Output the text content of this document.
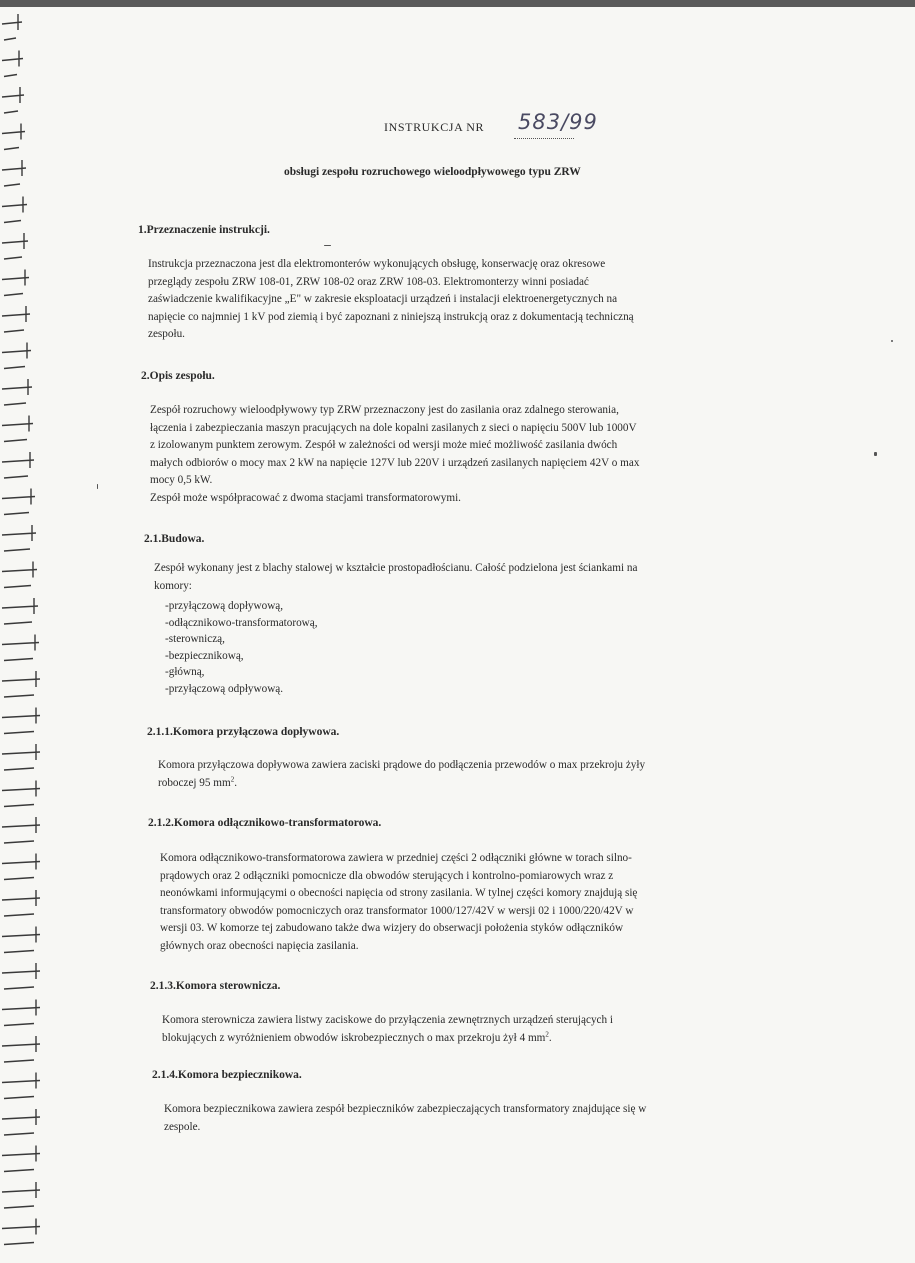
INSTRUKCJA NR 583/99
obsługi zespołu rozruchowego wieloodpływowego typu ZRW
1.Przeznaczenie instrukcji.
Instrukcja przeznaczona jest dla elektromonterów wykonujących obsługę, konserwację oraz okresowe
przeglądy zespołu ZRW 108-01, ZRW 108-02 oraz ZRW 108-03. Elektromonterzy winni posiadać
zaświadczenie kwalifikacyjne „E" w zakresie eksploatacji urządzeń i instalacji elektroenergetycznych na
napięcie co najmniej 1 kV pod ziemią i być zapoznani z niniejszą instrukcją oraz z dokumentacją techniczną
zespołu.
2.Opis zespołu.
Zespół rozruchowy wieloodpływowy typ ZRW przeznaczony jest do zasilania oraz zdalnego sterowania,
łączenia i zabezpieczania maszyn pracujących na dole kopalni zasilanych z sieci o napięciu 500V lub 1000V
z izolowanym punktem zerowym. Zespół w zależności od wersji może mieć możliwość zasilania dwóch
małych odbiorów o mocy max 2 kW na napięcie 127V lub 220V i urządzeń zasilanych napięciem 42V o max
mocy 0,5 kW.
Zespół może współpracować z dwoma stacjami transformatorowymi.
2.1.Budowa.
Zespół wykonany jest z blachy stalowej w kształcie prostopadłościanu. Całość podzielona jest ściankami na
komory:
-przyłączową dopływową,
-odłącznikowo-transformatorową,
-sterowniczą,
-bezpiecznikową,
-główną,
-przyłączową odpływową.
2.1.1.Komora przyłączowa dopływowa.
Komora przyłączowa dopływowa zawiera zaciski prądowe do podłączenia przewodów o max przekroju żyły
roboczej 95 $mm^2$.
2.1.2.Komora odłącznikowo-transformatorowa.
Komora odłącznikowo-transformatorowa zawiera w przedniej części 2 odłączniki główne w torach silno-
prądowych oraz 2 odłączniki pomocnicze dla obwodów sterujących i kontrolno-pomiarowych wraz z
neonówkami informującymi o obecności napięcia od strony zasilania. W tylnej części komory znajdują się
transformatory obwodów pomocniczych oraz transformator 1000/127/42V w wersji 02 i 1000/220/42V w
wersji 03. W komorze tej zabudowano także dwa wizjery do obserwacji położenia styków odłączników
głównych oraz obecności napięcia zasilania.
2.1.3.Komora sterownicza.
Komora sterownicza zawiera listwy zaciskowe do przyłączenia zewnętrznych urządzeń sterujących i
blokujących z wyróżnieniem obwodów iskrobezpiecznych o max przekroju żył 4 $mm^2$.
2.1.4.Komora bezpiecznikowa.
Komora bezpiecznikowa zawiera zespół bezpieczników zabezpieczających transformatory znajdujące się w
zespole.
